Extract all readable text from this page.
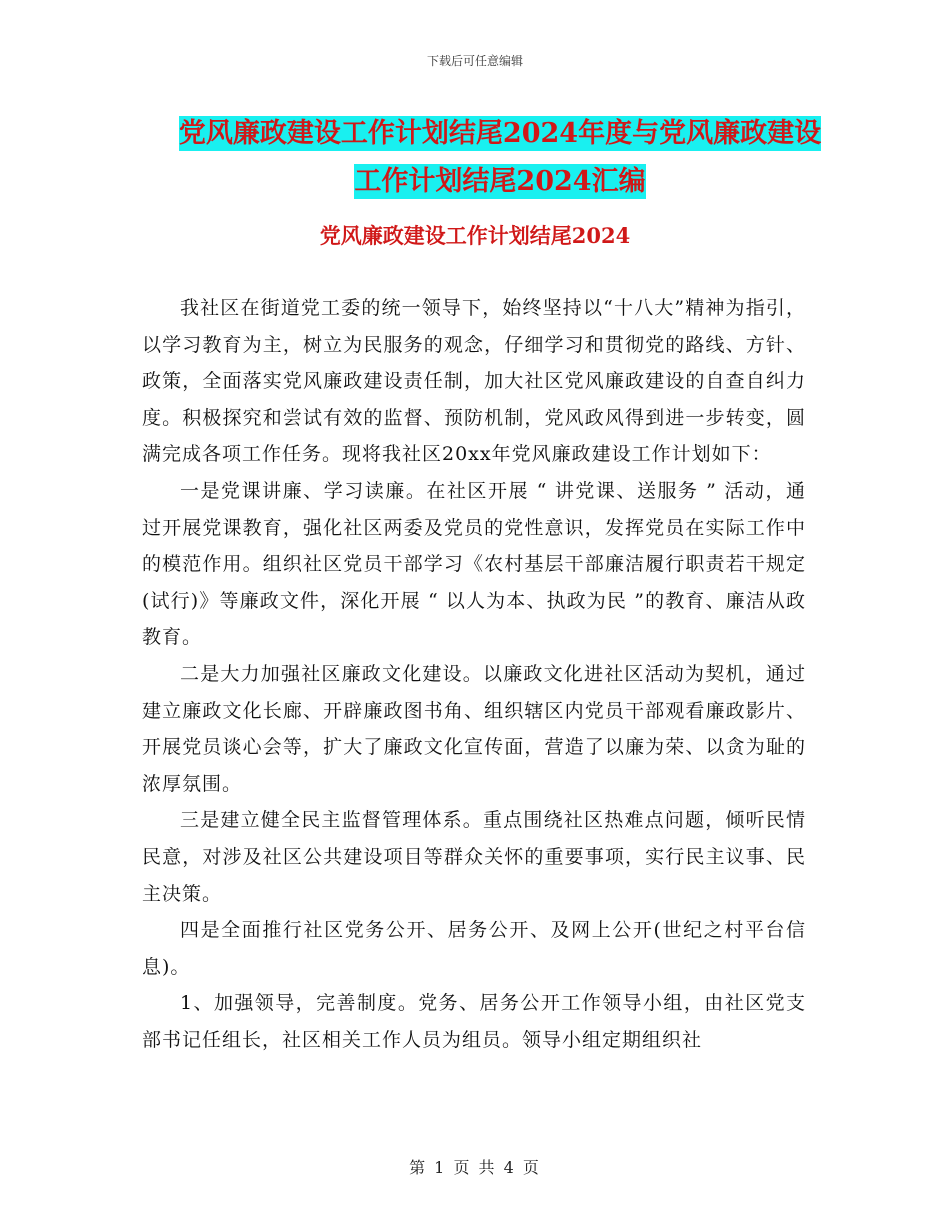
下载后可任意编辑
党风廉政建设工作计划结尾2024年度与党风廉政建设
工作计划结尾2024汇编
党风廉政建设工作计划结尾2024

我社区在街道党工委的统一领导下，始终坚持以“十八大”精神为指引，以学习教育为主，树立为民服务的观念，仔细学习和贯彻党的路线、方针、政策，全面落实党风廉政建设责任制，加大社区党风廉政建设的自查自纠力度。积极探究和尝试有效的监督、预防机制，党风政风得到进一步转变，圆满完成各项工作任务。现将我社区20xx年党风廉政建设工作计划如下：

一是党课讲廉、学习读廉。在社区开展 “ 讲党课、送服务 ” 活动，通过开展党课教育，强化社区两委及党员的党性意识，发挥党员在实际工作中的模范作用。组织社区党员干部学习《农村基层干部廉洁履行职责若干规定(试行)》等廉政文件，深化开展 “ 以人为本、执政为民 ”的教育、廉洁从政教育。

二是大力加强社区廉政文化建设。以廉政文化进社区活动为契机，通过建立廉政文化长廊、开辟廉政图书角、组织辖区内党员干部观看廉政影片、开展党员谈心会等，扩大了廉政文化宣传面，营造了以廉为荣、以贪为耻的浓厚氛围。

三是建立健全民主监督管理体系。重点围绕社区热难点问题，倾听民情民意，对涉及社区公共建设项目等群众关怀的重要事项，实行民主议事、民主决策。

四是全面推行社区党务公开、居务公开、及网上公开(世纪之村平台信息)。

1、加强领导，完善制度。党务、居务公开工作领导小组，由社区党支部书记任组长，社区相关工作人员为组员。领导小组定期组织社

第 1 页 共 4 页
